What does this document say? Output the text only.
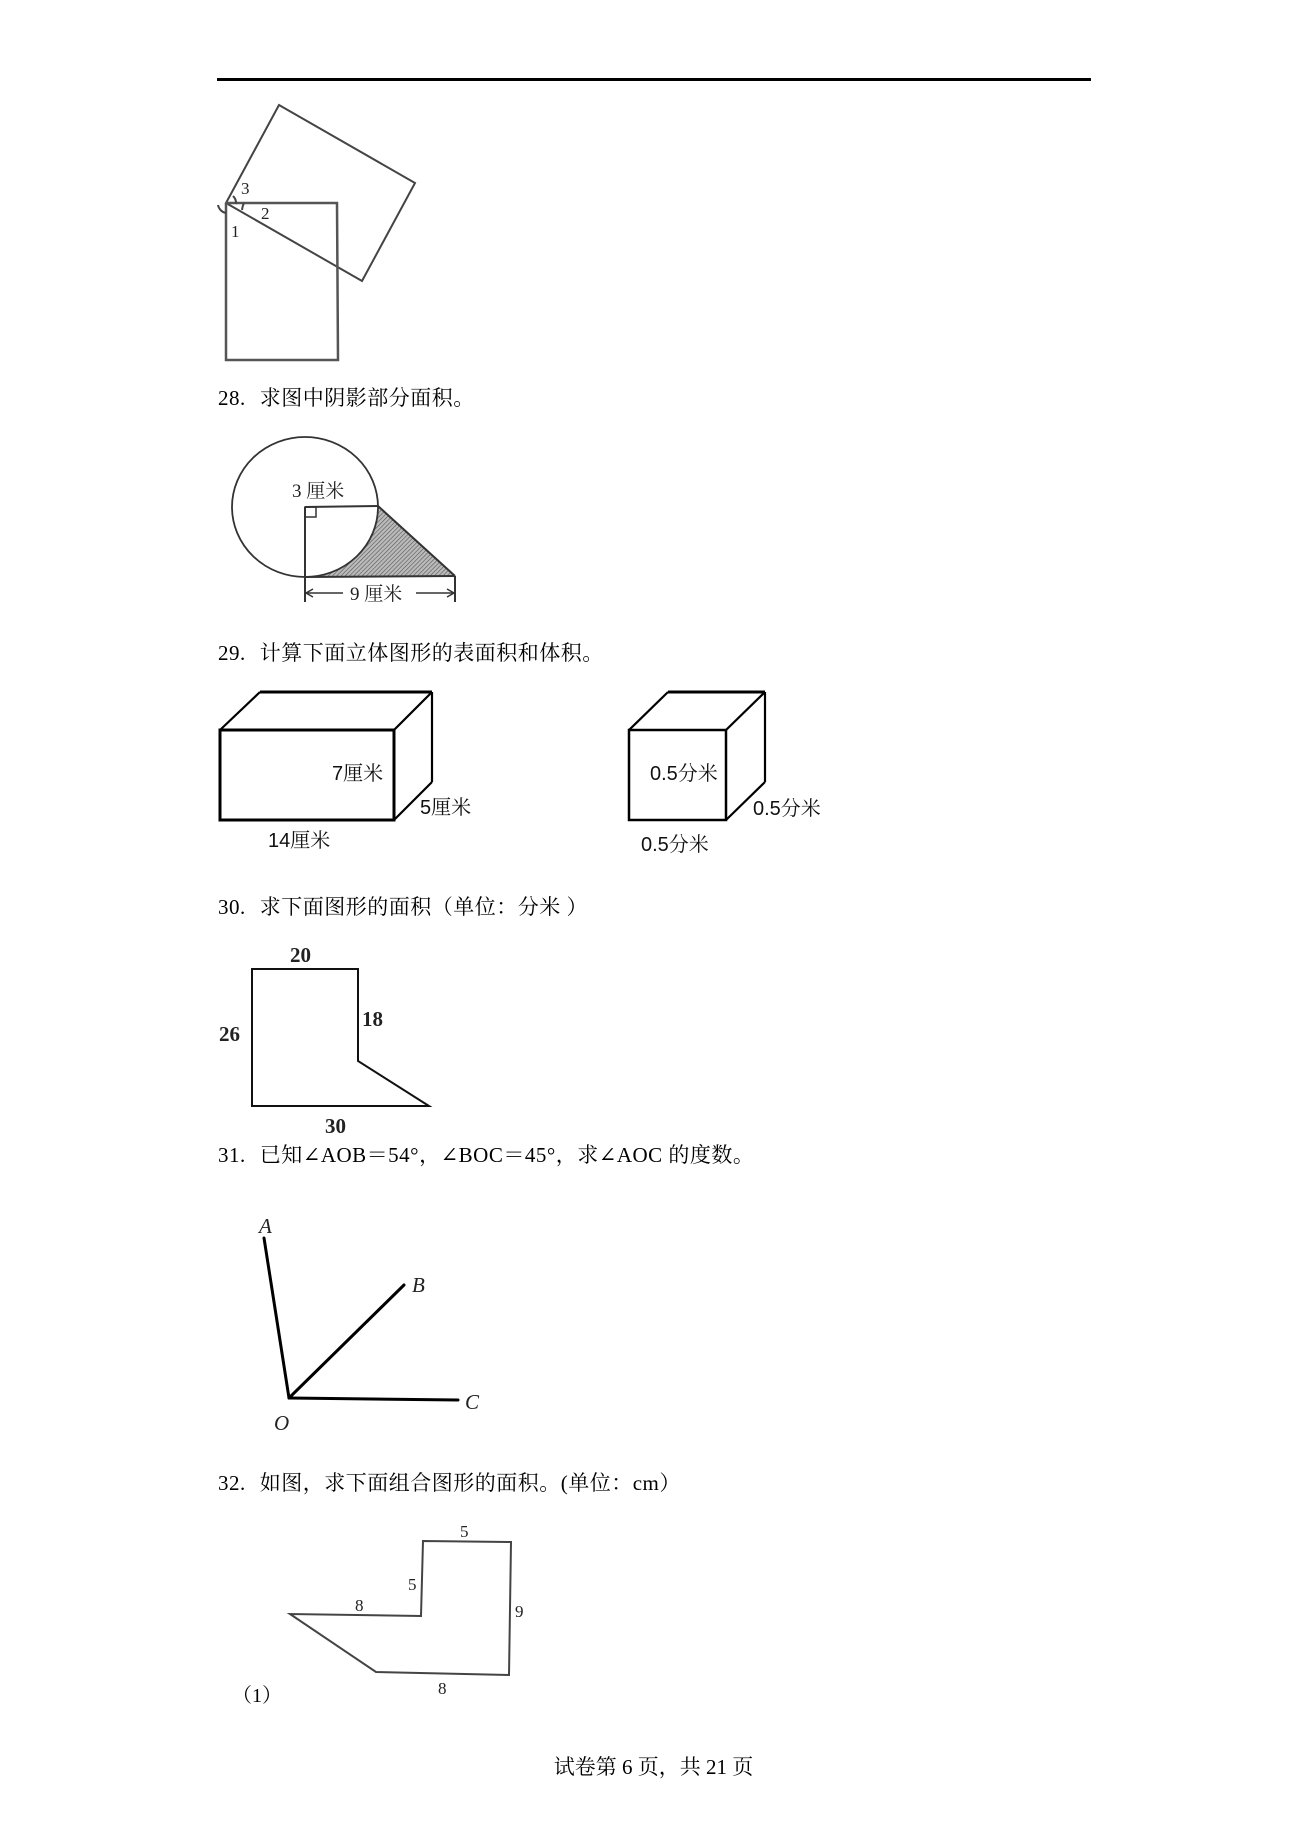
3
2
1
28. 求图中阴影部分面积。
3 厘米
9 厘米
29. 计算下面立体图形的表面积和体积。
7厘米
5厘米
14厘米
0.5分米
0.5分米
0.5分米
30. 求下面图形的面积（单位：分米 ）
20
18
26
30
31. 已知∠AOB＝54°，∠BOC＝45°，求∠AOC 的度数。
A
B
C
O
32. 如图，求下面组合图形的面积。(单位：cm）
5
5
8	9
8
（1）
试卷第 6 页，共 21 页
